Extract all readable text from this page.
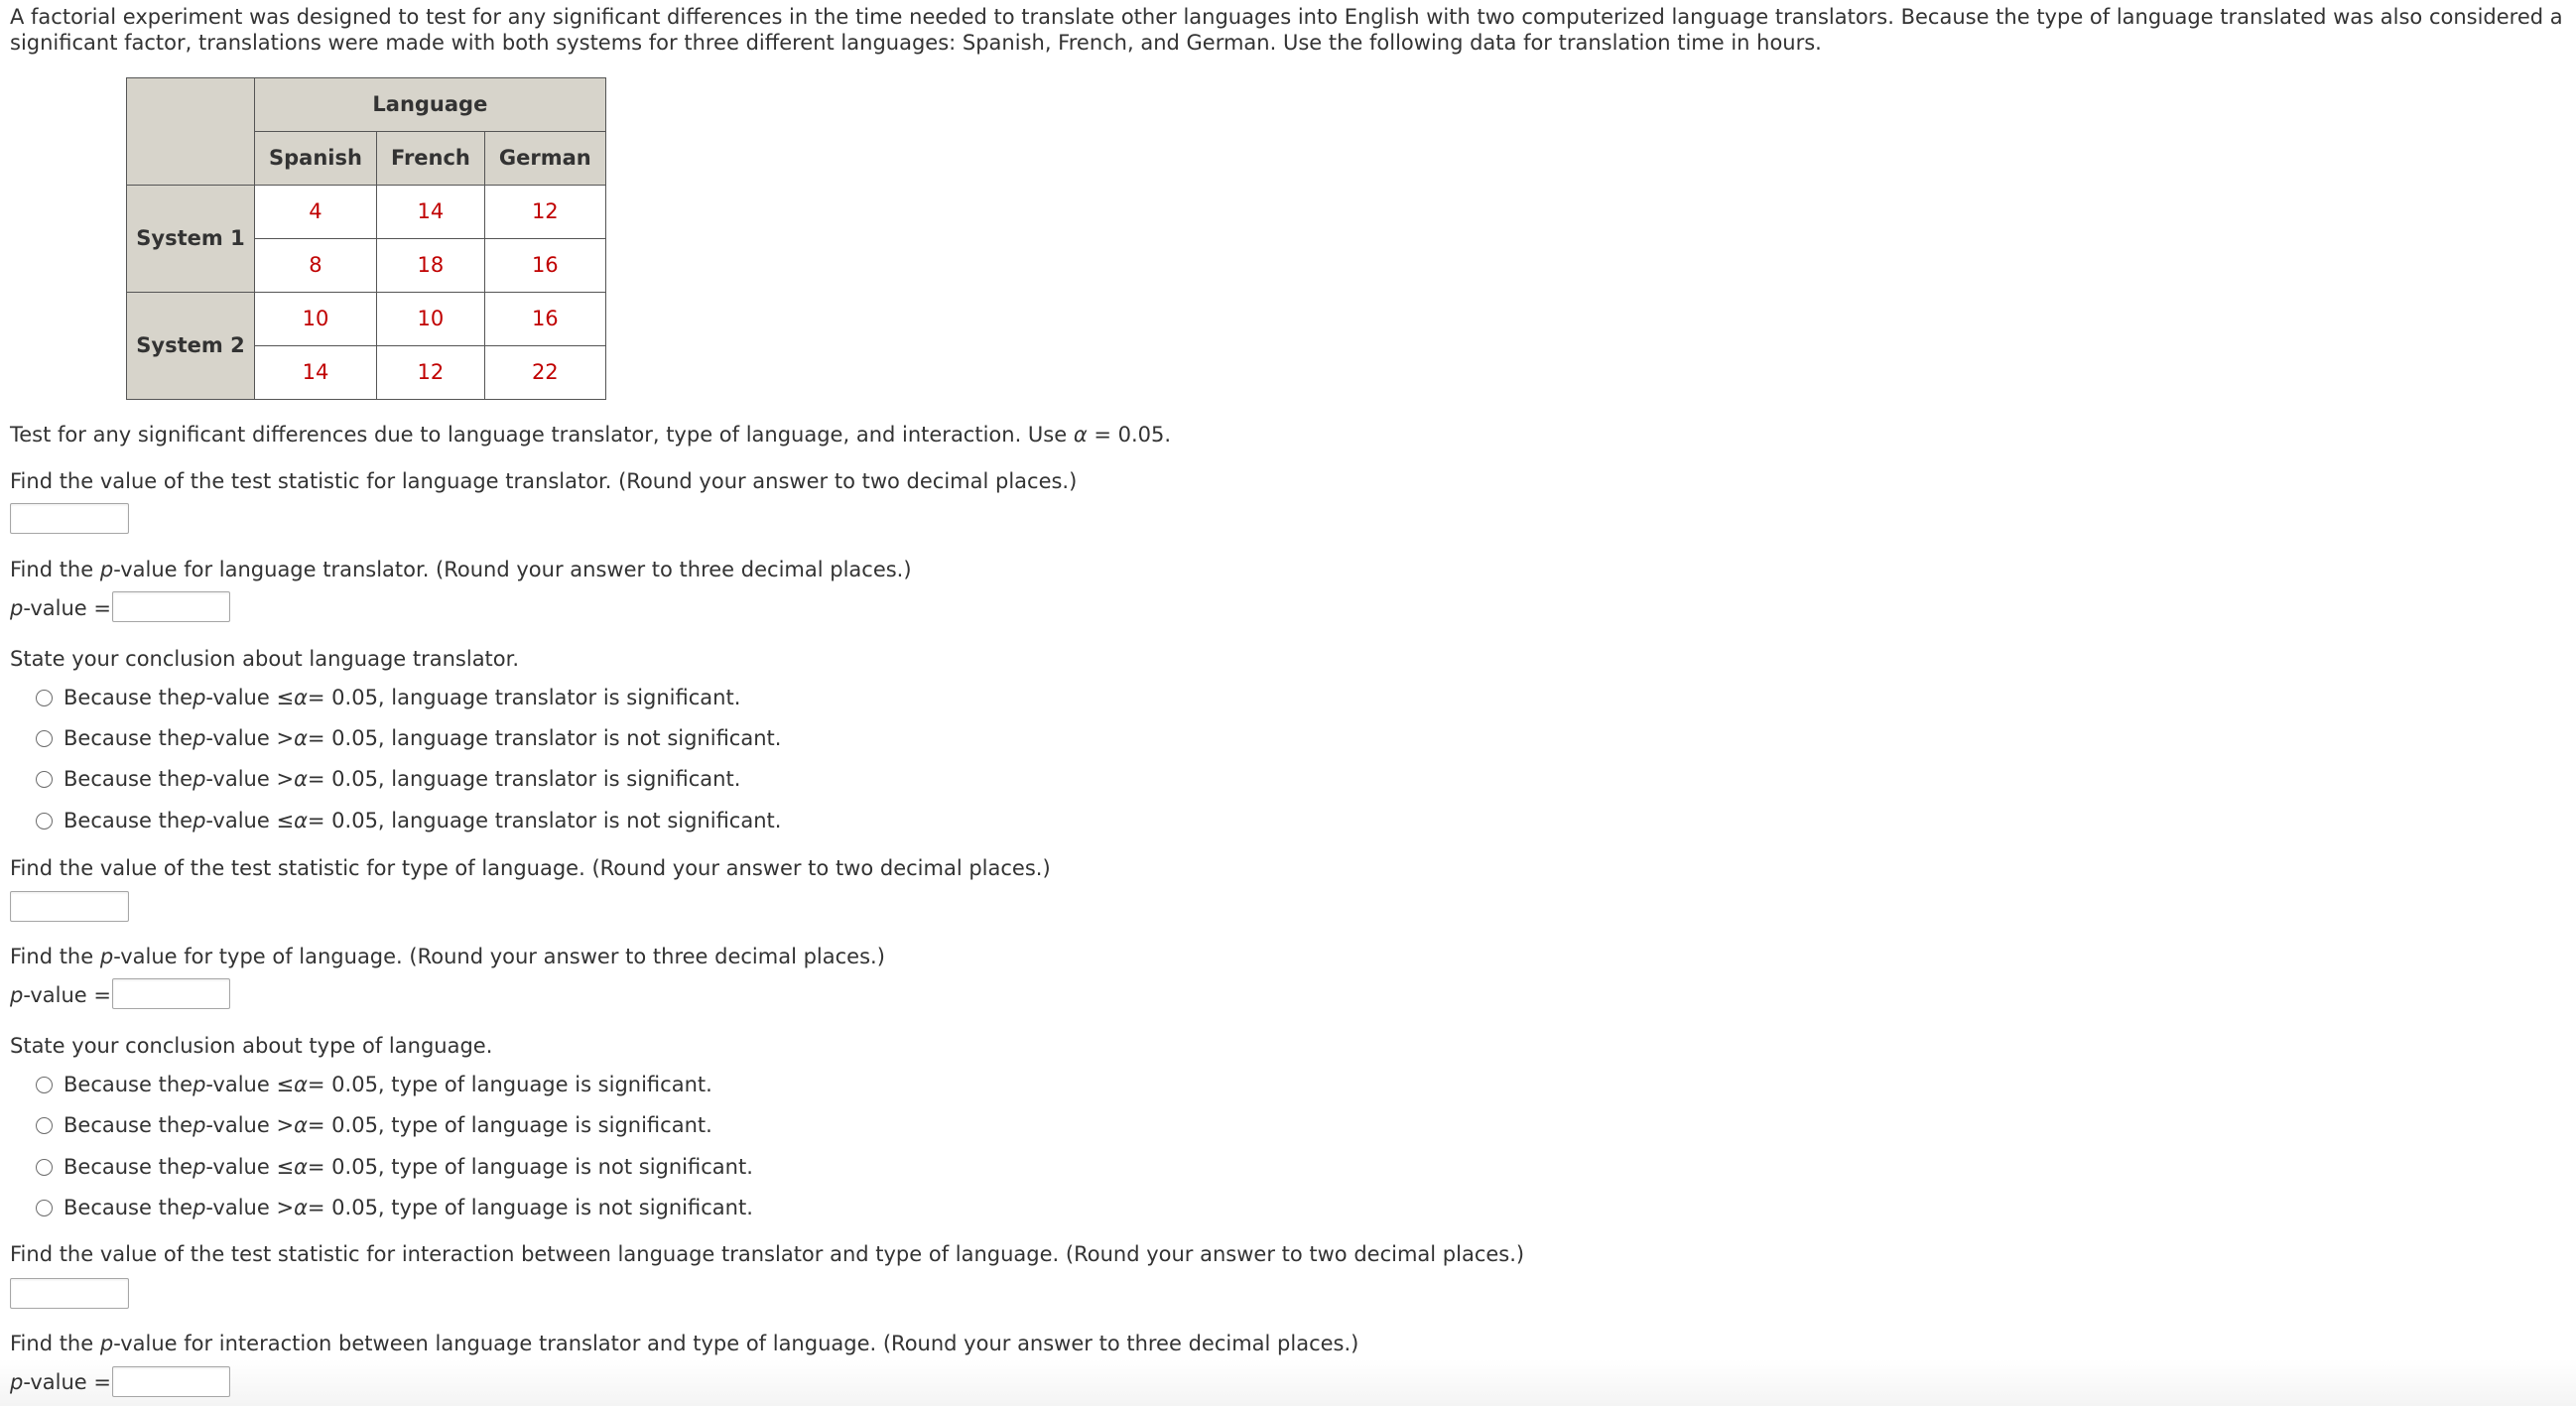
A factorial experiment was designed to test for any significant differences in the time needed to translate other languages into English with two computerized language translators. Because the type of language translated was also considered a significant factor, translations were made with both systems for three different languages: Spanish, French, and German. Use the following data for translation time in hours.

	Language		
	Spanish	French	German
System 1	4	14	12
	8	18	16
System 2	10	10	16
	14	12	22

Test for any significant differences due to language translator, type of language, and interaction. Use α = 0.05.

Find the value of the test statistic for language translator. (Round your answer to two decimal places.)

Find the p-value for language translator. (Round your answer to three decimal places.)

p-value =

State your conclusion about language translator.

Because the p -value ≤ α = 0.05, language translator is significant.
Because the p -value > α = 0.05, language translator is not significant.
Because the p -value > α = 0.05, language translator is significant.
Because the p -value ≤ α = 0.05, language translator is not significant.

Find the value of the test statistic for type of language. (Round your answer to two decimal places.)

Find the p-value for type of language. (Round your answer to three decimal places.)

p-value =

State your conclusion about type of language.

Because the p -value ≤ α = 0.05, type of language is significant.
Because the p -value > α = 0.05, type of language is significant.
Because the p -value ≤ α = 0.05, type of language is not significant.
Because the p -value > α = 0.05, type of language is not significant.

Find the value of the test statistic for interaction between language translator and type of language. (Round your answer to two decimal places.)

Find the p-value for interaction between language translator and type of language. (Round your answer to three decimal places.)

p-value =
